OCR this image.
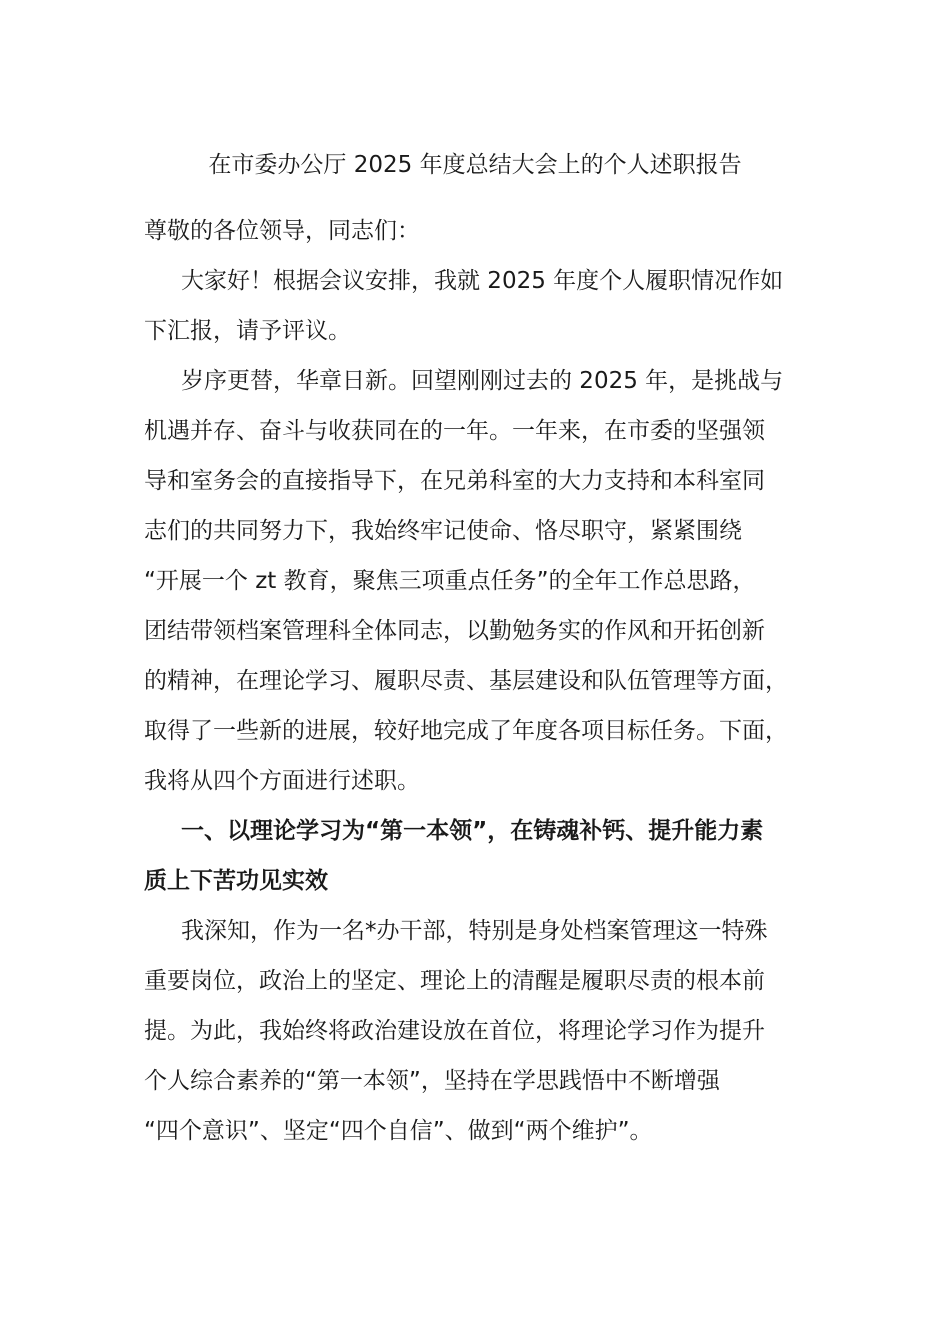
在市委办公厅 2025 年度总结大会上的个人述职报告

尊敬的各位领导，同志们：

大家好！根据会议安排，我就 2025 年度个人履职情况作如
下汇报，请予评议。

岁序更替，华章日新。回望刚刚过去的 2025 年，是挑战与
机遇并存、奋斗与收获同在的一年。一年来，在市委的坚强领
导和室务会的直接指导下，在兄弟科室的大力支持和本科室同
志们的共同努力下，我始终牢记使命、恪尽职守，紧紧围绕
“开展一个 zt 教育，聚焦三项重点任务”的全年工作总思路，
团结带领档案管理科全体同志，以勤勉务实的作风和开拓创新
的精神，在理论学习、履职尽责、基层建设和队伍管理等方面，
取得了一些新的进展，较好地完成了年度各项目标任务。下面，
我将从四个方面进行述职。

一、以理论学习为“第一本领”，在铸魂补钙、提升能力素
质上下苦功见实效

我深知，作为一名*办干部，特别是身处档案管理这一特殊
重要岗位，政治上的坚定、理论上的清醒是履职尽责的根本前
提。为此，我始终将政治建设放在首位，将理论学习作为提升
个人综合素养的“第一本领”，坚持在学思践悟中不断增强
“四个意识”、坚定“四个自信”、做到“两个维护”。
